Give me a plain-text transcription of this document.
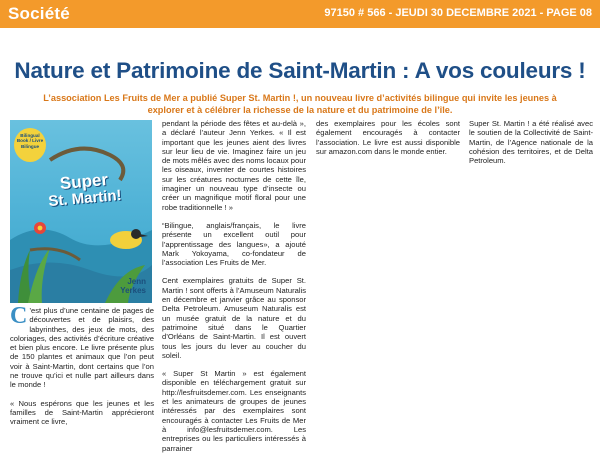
Société	97150 # 566 - JEUDI 30 DECEMBRE 2021 - PAGE 08
Nature et Patrimoine de Saint-Martin : A vos couleurs !

L’association Les Fruits de Mer a publié Super St. Martin !, un nouveau livre d’activités bilingue qui invite les jeunes à explorer et à célébrer la richesse de la nature et du patrimoine de l’île.

Bilingual Book / Livre Bilingue
Super
St. Martin!
Jenn
Yerkes

C ’est plus d’une centaine de pages de découvertes et de plaisirs, des labyrinthes, des jeux de mots, des coloriages, des activités d’écriture créative et bien plus encore. Le livre présente plus de 150 plantes et animaux que l’on peut voir à Saint-Martin, dont certains que l’on ne trouve qu’ici et nulle part ailleurs dans le monde !

« Nous espérons que les jeunes et les familles de Saint-Martin apprécieront vraiment ce livre,

pendant la période des fêtes et au-delà », a déclaré l’auteur Jenn Yerkes. « Il est important que les jeunes aient des livres sur leur lieu de vie. Imaginez faire un jeu de mots mêlés avec des noms locaux pour les oiseaux, inventer de courtes histoires sur les créatures nocturnes de cette île, imaginer un nouveau type d’insecte ou créer un magnifique motif floral pour une robe traditionnelle ! »

“Bilingue, anglais/français, le livre présente un excellent outil pour l’apprentissage des langues», a ajouté Mark Yokoyama, co-fondateur de l’association Les Fruits de Mer.

Cent exemplaires gratuits de Super St. Martin ! sont offerts à l’Amuseum Naturalis en décembre et janvier grâce au sponsor Delta Petroleum. Amuseum Naturalis est un musée gratuit de la nature et du patrimoine situé dans le Quartier d’Orléans de Saint-Martin. Il est ouvert tous les jours du lever au coucher du soleil.

« Super St Martin » est également disponible en téléchargement gratuit sur http://lesfruitsdemer.com. Les enseignants et les animateurs de groupes de jeunes intéressés par des exemplaires sont encouragés à contacter Les Fruits de Mer à info@lesfruitsdemer.com. Les entreprises ou les particuliers intéressés à parrainer

des exemplaires pour les écoles sont également encouragés à contacter l’association. Le livre est aussi disponible sur amazon.com dans le monde entier.

Super St. Martin ! a été réalisé avec le soutien de la Collectivité de Saint-Martin, de l’Agence nationale de la cohésion des territoires, et de Delta Petroleum.
